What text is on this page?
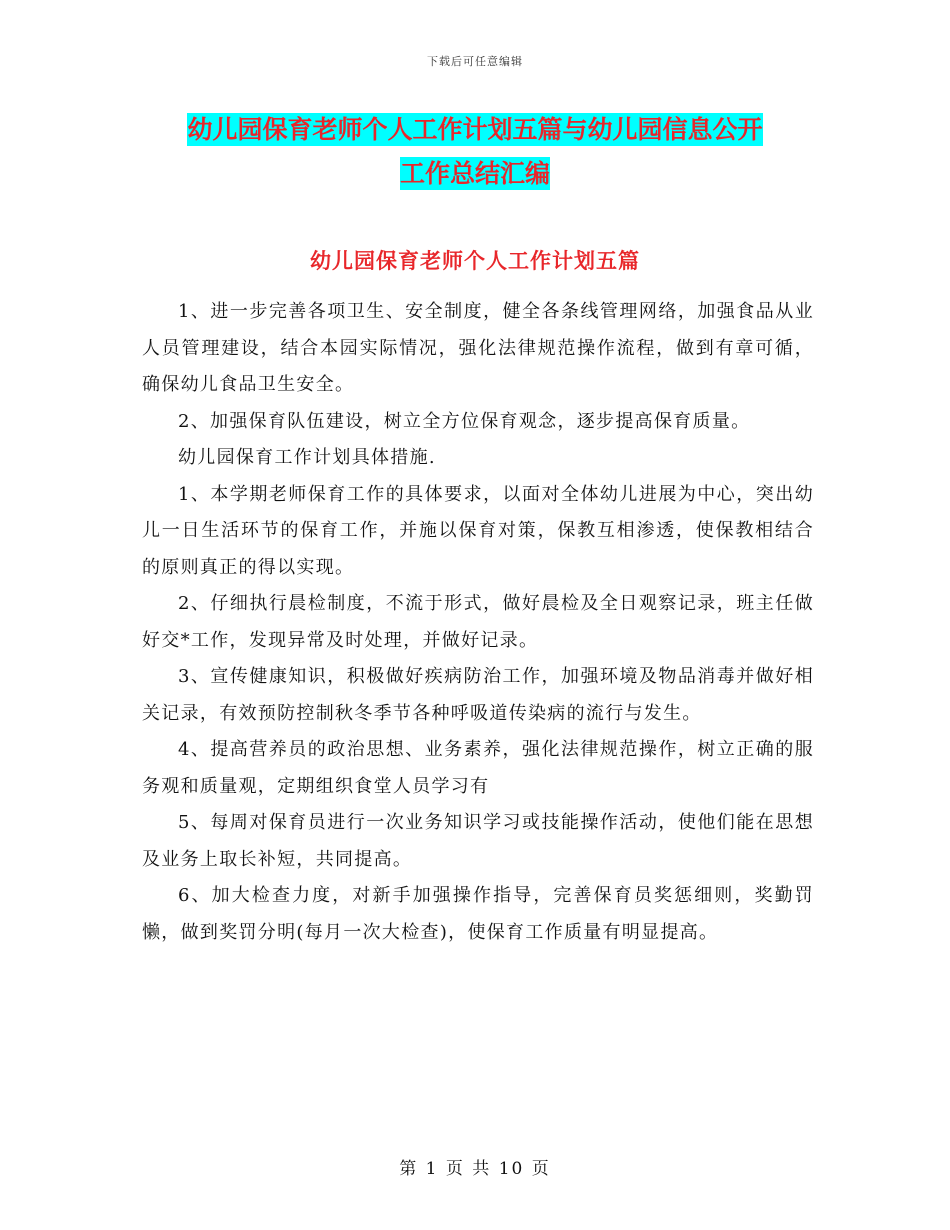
下载后可任意编辑
幼儿园保育老师个人工作计划五篇与幼儿园信息公开
工作总结汇编
幼儿园保育老师个人工作计划五篇

1、进一步完善各项卫生、安全制度，健全各条线管理网络，加强食品从业人员管理建设，结合本园实际情况，强化法律规范操作流程，做到有章可循，确保幼儿食品卫生安全。

2、加强保育队伍建设，树立全方位保育观念，逐步提高保育质量。

幼儿园保育工作计划具体措施.

1、本学期老师保育工作的具体要求，以面对全体幼儿进展为中心，突出幼儿一日生活环节的保育工作，并施以保育对策，保教互相渗透，使保教相结合的原则真正的得以实现。

2、仔细执行晨检制度，不流于形式，做好晨检及全日观察记录，班主任做好交*工作，发现异常及时处理，并做好记录。

3、宣传健康知识，积极做好疾病防治工作，加强环境及物品消毒并做好相关记录，有效预防控制秋冬季节各种呼吸道传染病的流行与发生。

4、提高营养员的政治思想、业务素养，强化法律规范操作，树立正确的服务观和质量观，定期组织食堂人员学习有

5、每周对保育员进行一次业务知识学习或技能操作活动，使他们能在思想及业务上取长补短，共同提高。

6、加大检查力度，对新手加强操作指导，完善保育员奖惩细则，奖勤罚懒，做到奖罚分明(每月一次大检查)，使保育工作质量有明显提高。

第 1 页 共 10 页
